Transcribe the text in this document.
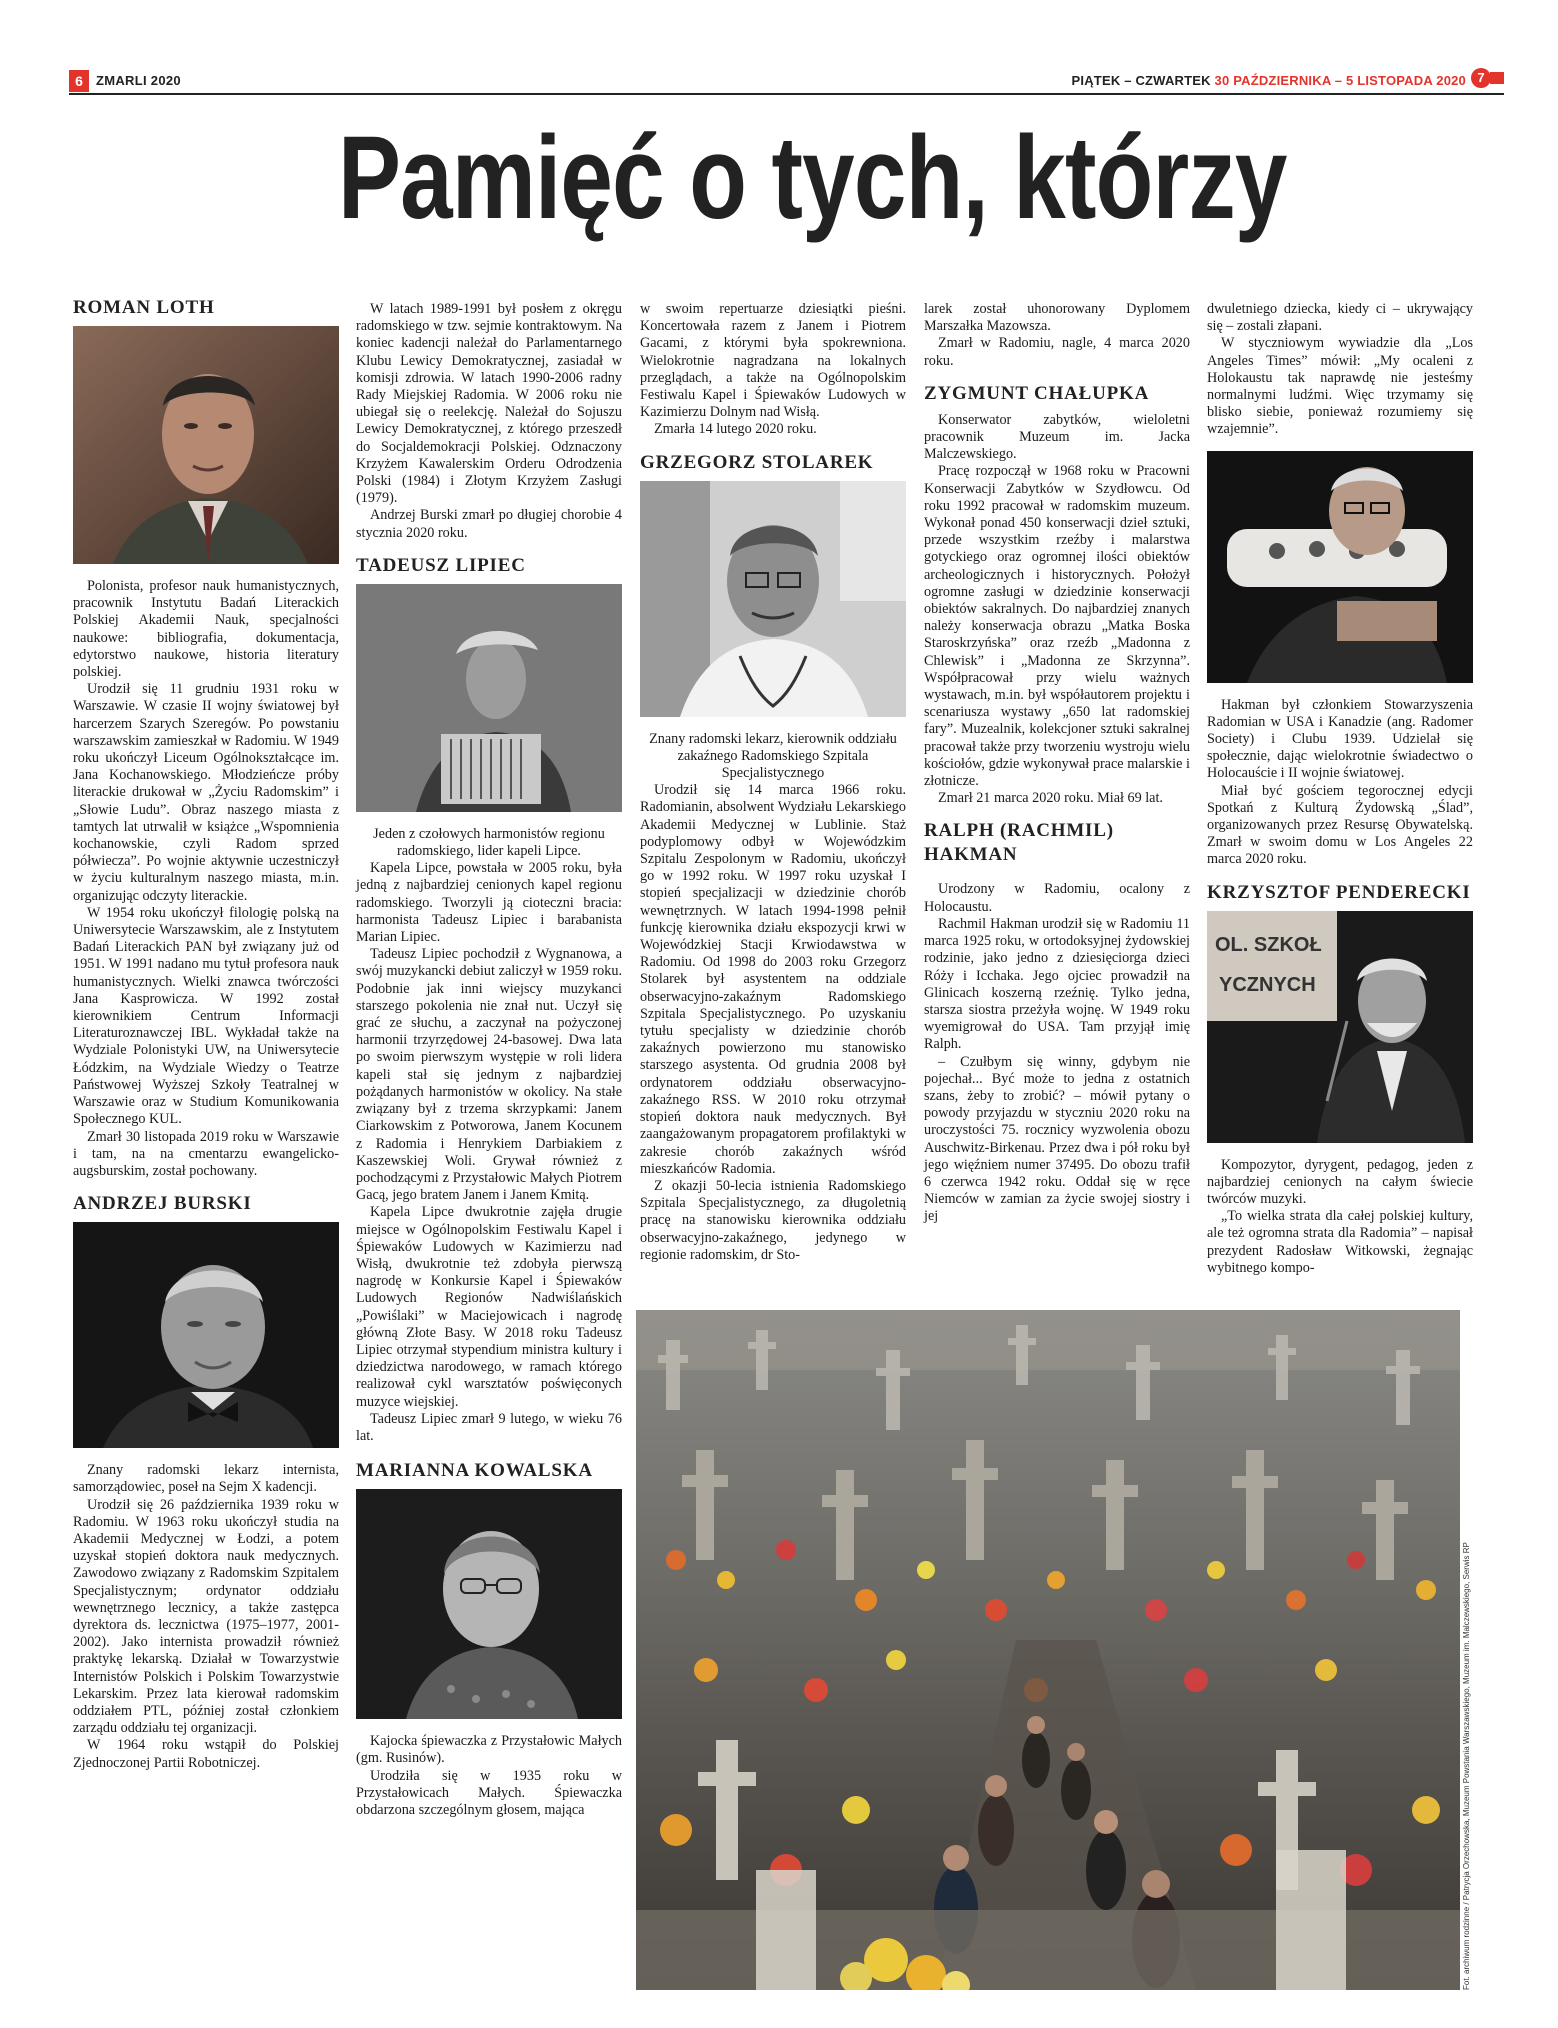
6	ZMARLI 2020	PIĄTEK – CZWARTEK 30 PAŹDZIERNIKA – 5 LISTOPADA 2020 7
Pamięć o tych, którzy
ROMAN LOTH

Polonista, profesor nauk humanistycznych, pracownik Instytutu Badań Literackich Polskiej Akademii Nauk, specjalności naukowe: bibliografia, dokumentacja, edytorstwo naukowe, historia literatury polskiej.

Urodził się 11 grudniu 1931 roku w Warszawie. W czasie II wojny światowej był harcerzem Szarych Szeregów. Po powstaniu warszawskim zamieszkał w Radomiu. W 1949 roku ukończył Liceum Ogólnokształcące im. Jana Kochanowskiego. Młodzieńcze próby literackie drukował w „Życiu Radomskim” i „Słowie Ludu”. Obraz naszego miasta z tamtych lat utrwalił w książce „Wspomnienia kochanowskie, czyli Radom sprzed półwiecza”. Po wojnie aktywnie uczestniczył w życiu kulturalnym naszego miasta, m.in. organizując odczyty literackie.

W 1954 roku ukończył filologię polską na Uniwersytecie Warszawskim, ale z Instytutem Badań Literackich PAN był związany już od 1951. W 1991 nadano mu tytuł profesora nauk humanistycznych. Wielki znawca twórczości Jana Kasprowicza. W 1992 został kierownikiem Centrum Informacji Literaturoznawczej IBL. Wykładał także na Wydziale Polonistyki UW, na Uniwersytecie Łódzkim, na Wydziale Wiedzy o Teatrze Państwowej Wyższej Szkoły Teatralnej w Warszawie oraz w Studium Komunikowania Społecznego KUL.

Zmarł 30 listopada 2019 roku w Warszawie i tam, na na cmentarzu ewangelicko-augsburskim, został pochowany.

ANDRZEJ BURSKI

Znany radomski lekarz internista, samorządowiec, poseł na Sejm X kadencji.

Urodził się 26 października 1939 roku w Radomiu. W 1963 roku ukończył studia na Akademii Medycznej w Łodzi, a potem uzyskał stopień doktora nauk medycznych. Zawodowo związany z Radomskim Szpitalem Specjalistycznym; ordynator oddziału wewnętrznego lecznicy, a także zastępca dyrektora ds. lecznictwa (1975–1977, 2001-2002). Jako internista prowadził również praktykę lekarską. Działał w Towarzystwie Internistów Polskich i Polskim Towarzystwie Lekarskim. Przez lata kierował radomskim oddziałem PTL, później został członkiem zarządu oddziału tej organizacji.

W 1964 roku wstąpił do Polskiej Zjednoczonej Partii Robotniczej.

W latach 1989-1991 był posłem z okręgu radomskiego w tzw. sejmie kontraktowym. Na koniec kadencji należał do Parlamentarnego Klubu Lewicy Demokratycznej, zasiadał w komisji zdrowia. W latach 1990-2006 radny Rady Miejskiej Radomia. W 2006 roku nie ubiegał się o reelekcję. Należał do Sojuszu Lewicy Demokratycznej, z którego przeszedł do Socjaldemokracji Polskiej. Odznaczony Krzyżem Kawalerskim Orderu Odrodzenia Polski (1984) i Złotym Krzyżem Zasługi (1979).

Andrzej Burski zmarł po długiej chorobie 4 stycznia 2020 roku.

TADEUSZ LIPIEC

Jeden z czołowych harmonistów regionu radomskiego, lider kapeli Lipce.

Kapela Lipce, powstała w 2005 roku, była jedną z najbardziej cenionych kapel regionu radomskiego. Tworzyli ją cioteczni bracia: harmonista Tadeusz Lipiec i barabanista Marian Lipiec.

Tadeusz Lipiec pochodził z Wygnanowa, a swój muzykancki debiut zaliczył w 1959 roku. Podobnie jak inni wiejscy muzykanci starszego pokolenia nie znał nut. Uczył się grać ze słuchu, a zaczynał na pożyczonej harmonii trzyrzędowej 24-basowej. Dwa lata po swoim pierwszym występie w roli lidera kapeli stał się jednym z najbardziej pożądanych harmonistów w okolicy. Na stałe związany był z trzema skrzypkami: Janem Ciarkowskim z Potworowa, Janem Kocunem z Radomia i Henrykiem Darbiakiem z Kaszewskiej Woli. Grywał również z pochodzącymi z Przystałowic Małych Piotrem Gacą, jego bratem Janem i Janem Kmitą.

Kapela Lipce dwukrotnie zajęła drugie miejsce w Ogólnopolskim Festiwalu Kapel i Śpiewaków Ludowych w Kazimierzu nad Wisłą, dwukrotnie też zdobyła pierwszą nagrodę w Konkursie Kapel i Śpiewaków Ludowych Regionów Nadwiślańskich „Powiślaki” w Maciejowicach i nagrodę główną Złote Basy. W 2018 roku Tadeusz Lipiec otrzymał stypendium ministra kultury i dziedzictwa narodowego, w ramach którego realizował cykl warsztatów poświęconych muzyce wiejskiej.

Tadeusz Lipiec zmarł 9 lutego, w wieku 76 lat.

MARIANNA KOWALSKA

Kajocka śpiewaczka z Przystałowic Małych (gm. Rusinów).

Urodziła się w 1935 roku w Przystałowicach Małych. Śpiewaczka obdarzona szczególnym głosem, mająca

w swoim repertuarze dziesiątki pieśni. Koncertowała razem z Janem i Piotrem Gacami, z którymi była spokrewniona. Wielokrotnie nagradzana na lokalnych przeglądach, a także na Ogólnopolskim Festiwalu Kapel i Śpiewaków Ludowych w Kazimierzu Dolnym nad Wisłą.

Zmarła 14 lutego 2020 roku.

GRZEGORZ STOLAREK

Znany radomski lekarz, kierownik oddziału zakaźnego Radomskiego Szpitala Specjalistycznego

Urodził się 14 marca 1966 roku. Radomianin, absolwent Wydziału Lekarskiego Akademii Medycznej w Lublinie. Staż podyplomowy odbył w Wojewódzkim Szpitalu Zespolonym w Radomiu, ukończył go w 1992 roku. W 1997 roku uzyskał I stopień specjalizacji w dziedzinie chorób wewnętrznych. W latach 1994-1998 pełnił funkcję kierownika działu ekspozycji krwi w Wojewódzkiej Stacji Krwiodawstwa w Radomiu. Od 1998 do 2003 roku Grzegorz Stolarek był asystentem na oddziale obserwacyjno-zakaźnym Radomskiego Szpitala Specjalistycznego. Po uzyskaniu tytułu specjalisty w dziedzinie chorób zakaźnych powierzono mu stanowisko starszego asystenta. Od grudnia 2008 był ordynatorem oddziału obserwacyjno-zakaźnego RSS. W 2010 roku otrzymał stopień doktora nauk medycznych. Był zaangażowanym propagatorem profilaktyki w zakresie chorób zakaźnych wśród mieszkańców Radomia.

Z okazji 50-lecia istnienia Radomskiego Szpitala Specjalistycznego, za długoletnią pracę na stanowisku kierownika oddziału obserwacyjno-zakaźnego, jedynego w regionie radomskim, dr Sto-

larek został uhonorowany Dyplomem Marszałka Mazowsza.

Zmarł w Radomiu, nagle, 4 marca 2020 roku.

ZYGMUNT CHAŁUPKA

Konserwator zabytków, wieloletni pracownik Muzeum im. Jacka Malczewskiego.

Pracę rozpoczął w 1968 roku w Pracowni Konserwacji Zabytków w Szydłowcu. Od roku 1992 pracował w radomskim muzeum. Wykonał ponad 450 konserwacji dzieł sztuki, przede wszystkim rzeźby i malarstwa gotyckiego oraz ogromnej ilości obiektów archeologicznych i historycznych. Położył ogromne zasługi w dziedzinie konserwacji obiektów sakralnych. Do najbardziej znanych należy konserwacja obrazu „Matka Boska Staroskrzyńska” oraz rzeźb „Madonna z Chlewisk” i „Madonna ze Skrzynna”. Współpracował przy wielu ważnych wystawach, m.in. był współautorem projektu i scenariusza wystawy „650 lat radomskiej fary”. Muzealnik, kolekcjoner sztuki sakralnej pracował także przy tworzeniu wystroju wielu kościołów, gdzie wykonywał prace malarskie i złotnicze.

Zmarł 21 marca 2020 roku. Miał 69 lat.

RALPH (RACHMIL) HAKMAN

Urodzony w Radomiu, ocalony z Holocaustu.

Rachmil Hakman urodził się w Radomiu 11 marca 1925 roku, w ortodoksyjnej żydowskiej rodzinie, jako jedno z dziesięciorga dzieci Róży i Icchaka. Jego ojciec prowadził na Glinicach koszerną rzeźnię. Tylko jedna, starsza siostra przeżyła wojnę. W 1949 roku wyemigrował do USA. Tam przyjął imię Ralph.

– Czułbym się winny, gdybym nie pojechał... Być może to jedna z ostatnich szans, żeby to zrobić? – mówił pytany o powody przyjazdu w styczniu 2020 roku na uroczystości 75. rocznicy wyzwolenia obozu Auschwitz-Birkenau. Przez dwa i pół roku był jego więźniem numer 37495. Do obozu trafił 6 czerwca 1942 roku. Oddał się w ręce Niemców w zamian za życie swojej siostry i jej

dwuletniego dziecka, kiedy ci – ukrywający się – zostali złapani.

W styczniowym wywiadzie dla „Los Angeles Times” mówił: „My ocaleni z Holokaustu tak naprawdę nie jesteśmy normalnymi ludźmi. Więc trzymamy się blisko siebie, ponieważ rozumiemy się wzajemnie”.

Hakman był członkiem Stowarzyszenia Radomian w USA i Kanadzie (ang. Radomer Society) i Clubu 1939. Udzielał się społecznie, dając wielokrotnie świadectwo o Holocauście i II wojnie światowej.

Miał być gościem tegorocznej edycji Spotkań z Kulturą Żydowską „Ślad”, organizowanych przez Resursę Obywatelską. Zmarł w swoim domu w Los Angeles 22 marca 2020 roku.

KRZYSZTOF PENDERECKI
OL. SZKOŁ
YCZNYCH

Kompozytor, dyrygent, pedagog, jeden z najbardziej cenionych na całym świecie twórców muzyki.

„To wielka strata dla całej polskiej kultury, ale też ogromna strata dla Radomia” – napisał prezydent Radosław Witkowski, żegnając wybitnego kompo-

Fot. archiwum rodzinne / Patrycja Orzechowska, Muzeum Powstania Warszawskiego, Muzeum im. Malczewskiego, Serwis RP
